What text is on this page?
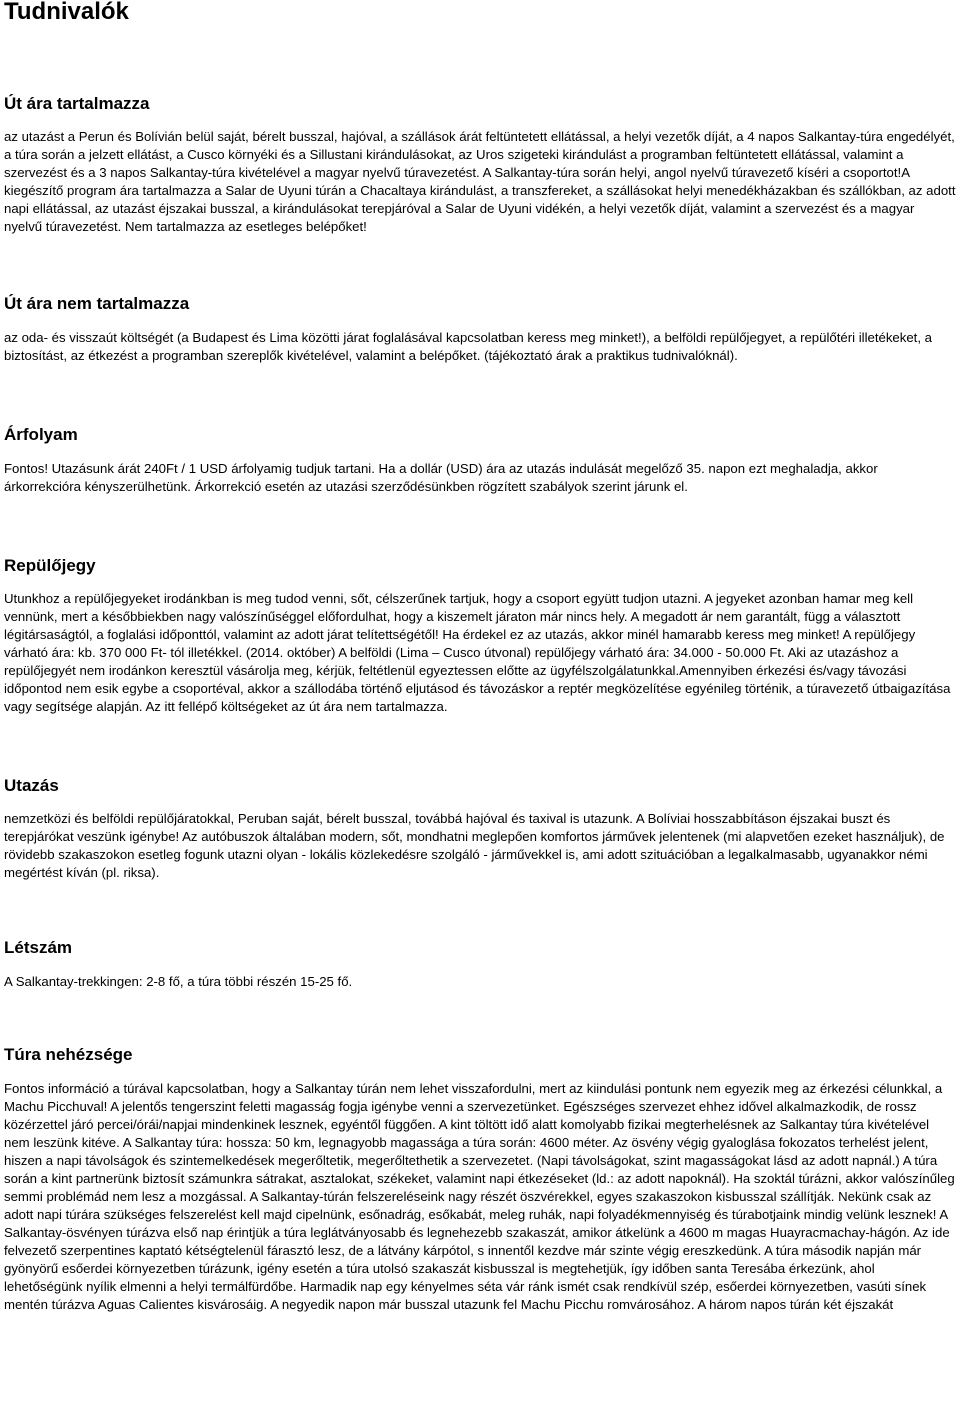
Tudnivalók
Út ára tartalmazza

az utazást a Perun és Bolívián belül saját, bérelt busszal, hajóval, a szállások árát feltüntetett ellátással, a helyi vezetők díját, a 4 napos Salkantay-túra engedélyét, a túra során a jelzett ellátást, a Cusco környéki és a Sillustani kirándulásokat, az Uros szigeteki kirándulást a programban feltüntetett ellátással, valamint a szervezést és a 3 napos Salkantay-túra kivételével a magyar nyelvű túravezetést. A Salkantay-túra során helyi, angol nyelvű túravezető kíséri a csoportot!A kiegészítő program ára tartalmazza a Salar de Uyuni túrán a Chacaltaya kirándulást, a transzfereket, a szállásokat helyi menedékházakban és szállókban, az adott napi ellátással, az utazást éjszakai busszal, a kirándulásokat terepjáróval a Salar de Uyuni vidékén, a helyi vezetők díját, valamint a szervezést és a magyar nyelvű túravezetést. Nem tartalmazza az esetleges belépőket!

Út ára nem tartalmazza

az oda- és visszaút költségét (a Budapest és Lima közötti járat foglalásával kapcsolatban keress meg minket!), a belföldi repülőjegyet, a repülőtéri illetékeket, a biztosítást, az étkezést a programban szereplők kivételével, valamint a belépőket. (tájékoztató árak a praktikus tudnivalóknál).

Árfolyam

Fontos! Utazásunk árát 240Ft / 1 USD árfolyamig tudjuk tartani. Ha a dollár (USD) ára az utazás indulását megelőző 35. napon ezt meghaladja, akkor árkorrekcióra kényszerülhetünk. Árkorrekció esetén az utazási szerződésünkben rögzített szabályok szerint járunk el.

Repülőjegy

Utunkhoz a repülőjegyeket irodánkban is meg tudod venni, sőt, célszerűnek tartjuk, hogy a csoport együtt tudjon utazni. A jegyeket azonban hamar meg kell vennünk, mert a későbbiekben nagy valószínűséggel előfordulhat, hogy a kiszemelt járaton már nincs hely. A megadott ár nem garantált, függ a választott légitársaságtól, a foglalási időponttól, valamint az adott járat telítettségétől! Ha érdekel ez az utazás, akkor minél hamarabb keress meg minket! A repülőjegy várható ára: kb. 370 000 Ft- tól illetékkel. (2014. október) A belföldi (Lima – Cusco útvonal) repülőjegy várható ára: 34.000 - 50.000 Ft. Aki az utazáshoz a repülőjegyét nem irodánkon keresztül vásárolja meg, kérjük, feltétlenül egyeztessen előtte az ügyfélszolgálatunkkal.Amennyiben érkezési és/vagy távozási időpontod nem esik egybe a csoportéval, akkor a szállodába történő eljutásod és távozáskor a reptér megközelítése egyénileg történik, a túravezető útbaigazítása vagy segítsége alapján. Az itt fellépő költségeket az út ára nem tartalmazza.

Utazás

nemzetközi és belföldi repülőjáratokkal, Peruban saját, bérelt busszal, továbbá hajóval és taxival is utazunk. A Bolíviai hosszabbításon éjszakai buszt és terepjárókat veszünk igénybe! Az autóbuszok általában modern, sőt, mondhatni meglepően komfortos járművek jelentenek (mi alapvetően ezeket használjuk), de rövidebb szakaszokon esetleg fogunk utazni olyan - lokális közlekedésre szolgáló - járművekkel is, ami adott szituációban a legalkalmasabb, ugyanakkor némi megértést kíván (pl. riksa).

Létszám

A Salkantay-trekkingen: 2-8 fő, a túra többi részén 15-25 fő.

Túra nehézsége

Fontos információ a túrával kapcsolatban, hogy a Salkantay túrán nem lehet visszafordulni, mert az kiindulási pontunk nem egyezik meg az érkezési célunkkal, a Machu Picchuval! A jelentős tengerszint feletti magasság fogja igénybe venni a szervezetünket. Egészséges szervezet ehhez idővel alkalmazkodik, de rossz közérzettel járó percei/órái/napjai mindenkinek lesznek, egyéntől függően. A kint töltött idő alatt komolyabb fizikai megterhelésnek az Salkantay túra kivételével nem leszünk kitéve. A Salkantay túra: hossza: 50 km, legnagyobb magassága a túra során: 4600 méter. Az ösvény végig gyaloglása fokozatos terhelést jelent, hiszen a napi távolságok és szintemelkedések megerőltetik, megerőltethetik a szervezetet. (Napi távolságokat, szint magasságokat lásd az adott napnál.) A túra során a kint partnerünk biztosít számunkra sátrakat, asztalokat, székeket, valamint napi étkezéseket (ld.: az adott napoknál). Ha szoktál túrázni, akkor valószínűleg semmi problémád nem lesz a mozgással. A Salkantay-túrán felszereléseink nagy részét öszvérekkel, egyes szakaszokon kisbusszal szállítják. Nekünk csak az adott napi túrára szükséges felszerelést kell majd cipelnünk, esőnadrág, esőkabát, meleg ruhák, napi folyadékmennyiség és túrabotjaink mindig velünk lesznek! A Salkantay-ösvényen túrázva első nap érintjük a túra leglátványosabb és legnehezebb szakaszát, amikor átkelünk a 4600 m magas Huayracmachay-hágón. Az ide felvezető szerpentines kaptató kétségtelenül fárasztó lesz, de a látvány kárpótol, s innentől kezdve már szinte végig ereszkedünk. A túra második napján már gyönyörű esőerdei környezetben túrázunk, igény esetén a túra utolsó szakaszát kisbusszal is megtehetjük, így időben santa Teresába érkezünk, ahol lehetőségünk nyílik elmenni a helyi termálfürdőbe. Harmadik nap egy kényelmes séta vár ránk ismét csak rendkívül szép, esőerdei környezetben, vasúti sínek mentén túrázva Aguas Calientes kisvárosáig. A negyedik napon már busszal utazunk fel Machu Picchu romvárosához. A három napos túrán két éjszakát
